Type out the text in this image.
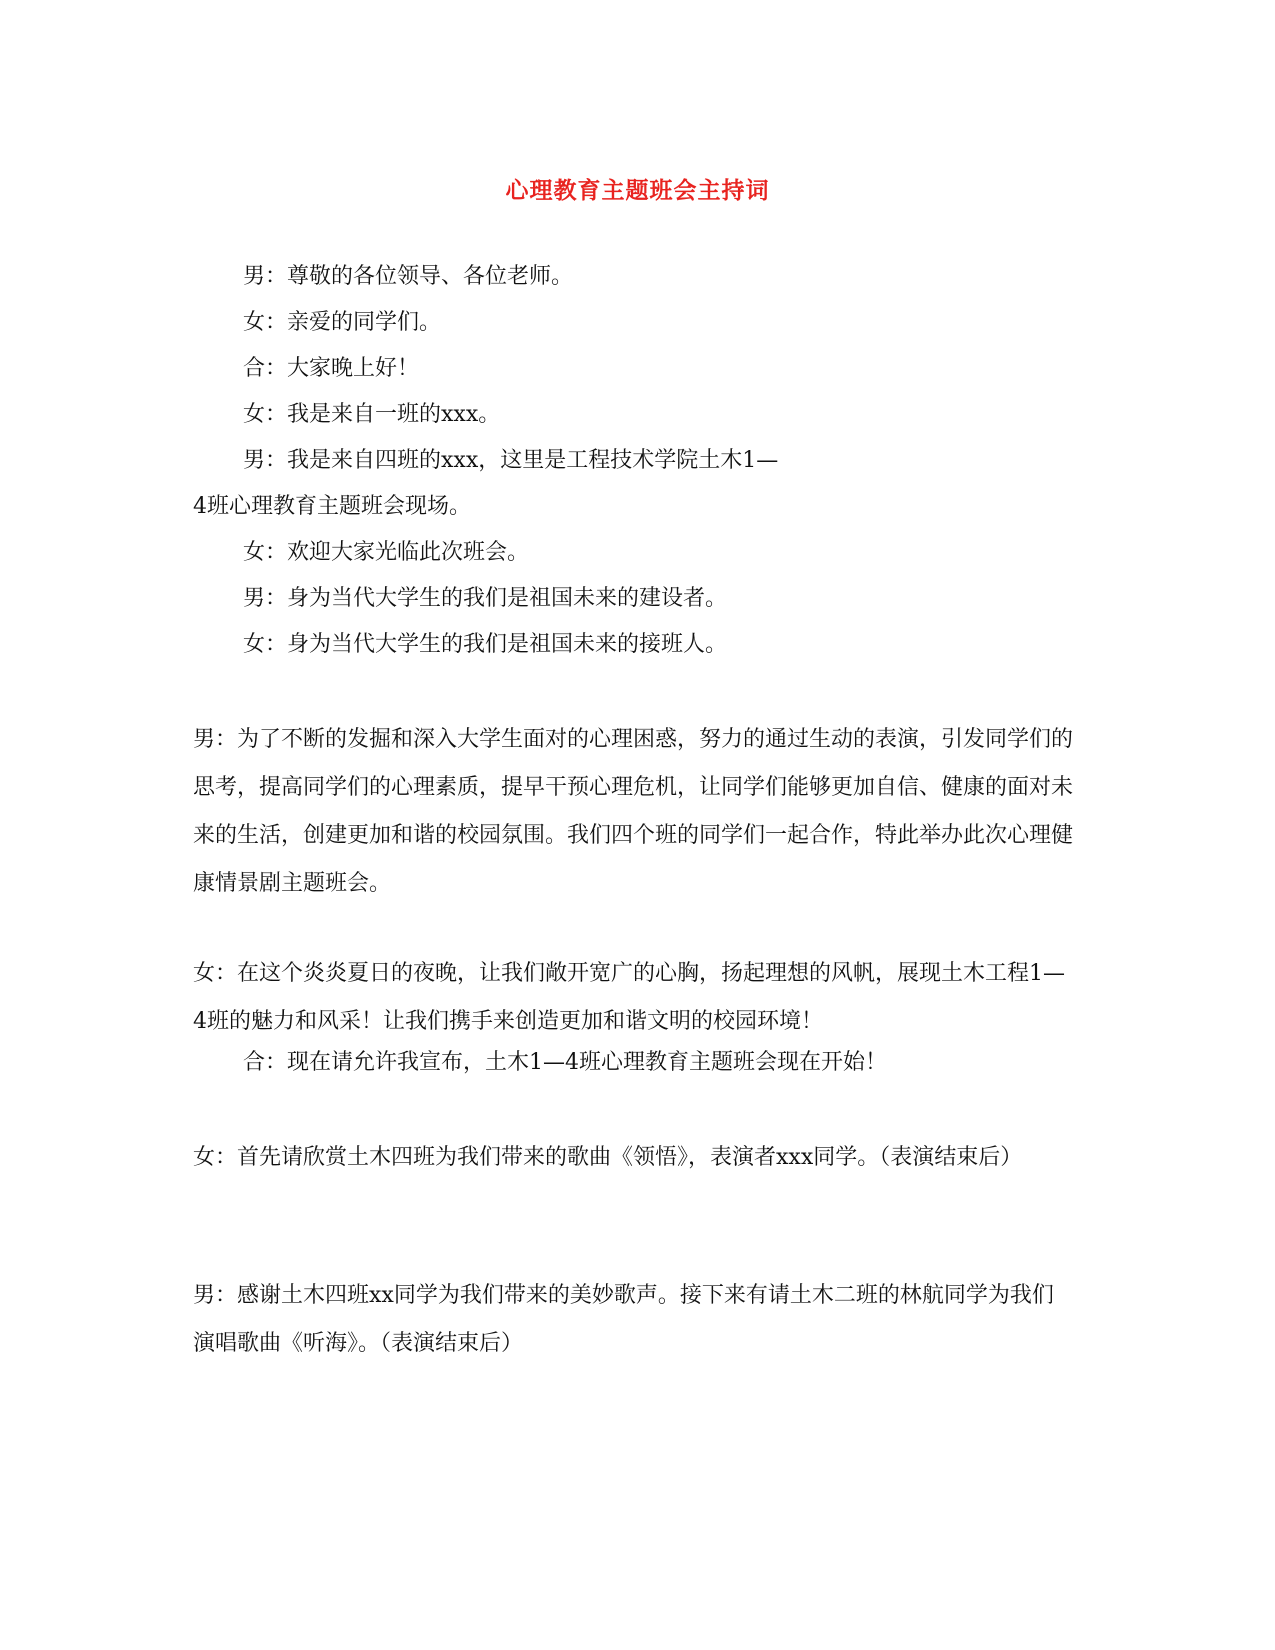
心理教育主题班会主持词
男：尊敬的各位领导、各位老师。
女：亲爱的同学们。
合：大家晚上好！
女：我是来自一班的xxx。
男：我是来自四班的xxx，这里是工程技术学院土木1—
4班心理教育主题班会现场。
女：欢迎大家光临此次班会。
男：身为当代大学生的我们是祖国未来的建设者。
女：身为当代大学生的我们是祖国未来的接班人。
男：为了不断的发掘和深入大学生面对的心理困惑，努力的通过生动的表演，引发同学们的思考，提高同学们的心理素质，提早干预心理危机，让同学们能够更加自信、健康的面对未来的生活，创建更加和谐的校园氛围。我们四个班的同学们一起合作，特此举办此次心理健康情景剧主题班会。
女：在这个炎炎夏日的夜晚，让我们敞开宽广的心胸，扬起理想的风帆，展现土木工程1—4班的魅力和风采！让我们携手来创造更加和谐文明的校园环境！
合：现在请允许我宣布，土木1—4班心理教育主题班会现在开始！
女：首先请欣赏土木四班为我们带来的歌曲《领悟》，表演者xxx同学。（表演结束后）
男：感谢土木四班xx同学为我们带来的美妙歌声。接下来有请土木二班的林航同学为我们演唱歌曲《听海》。（表演结束后）
